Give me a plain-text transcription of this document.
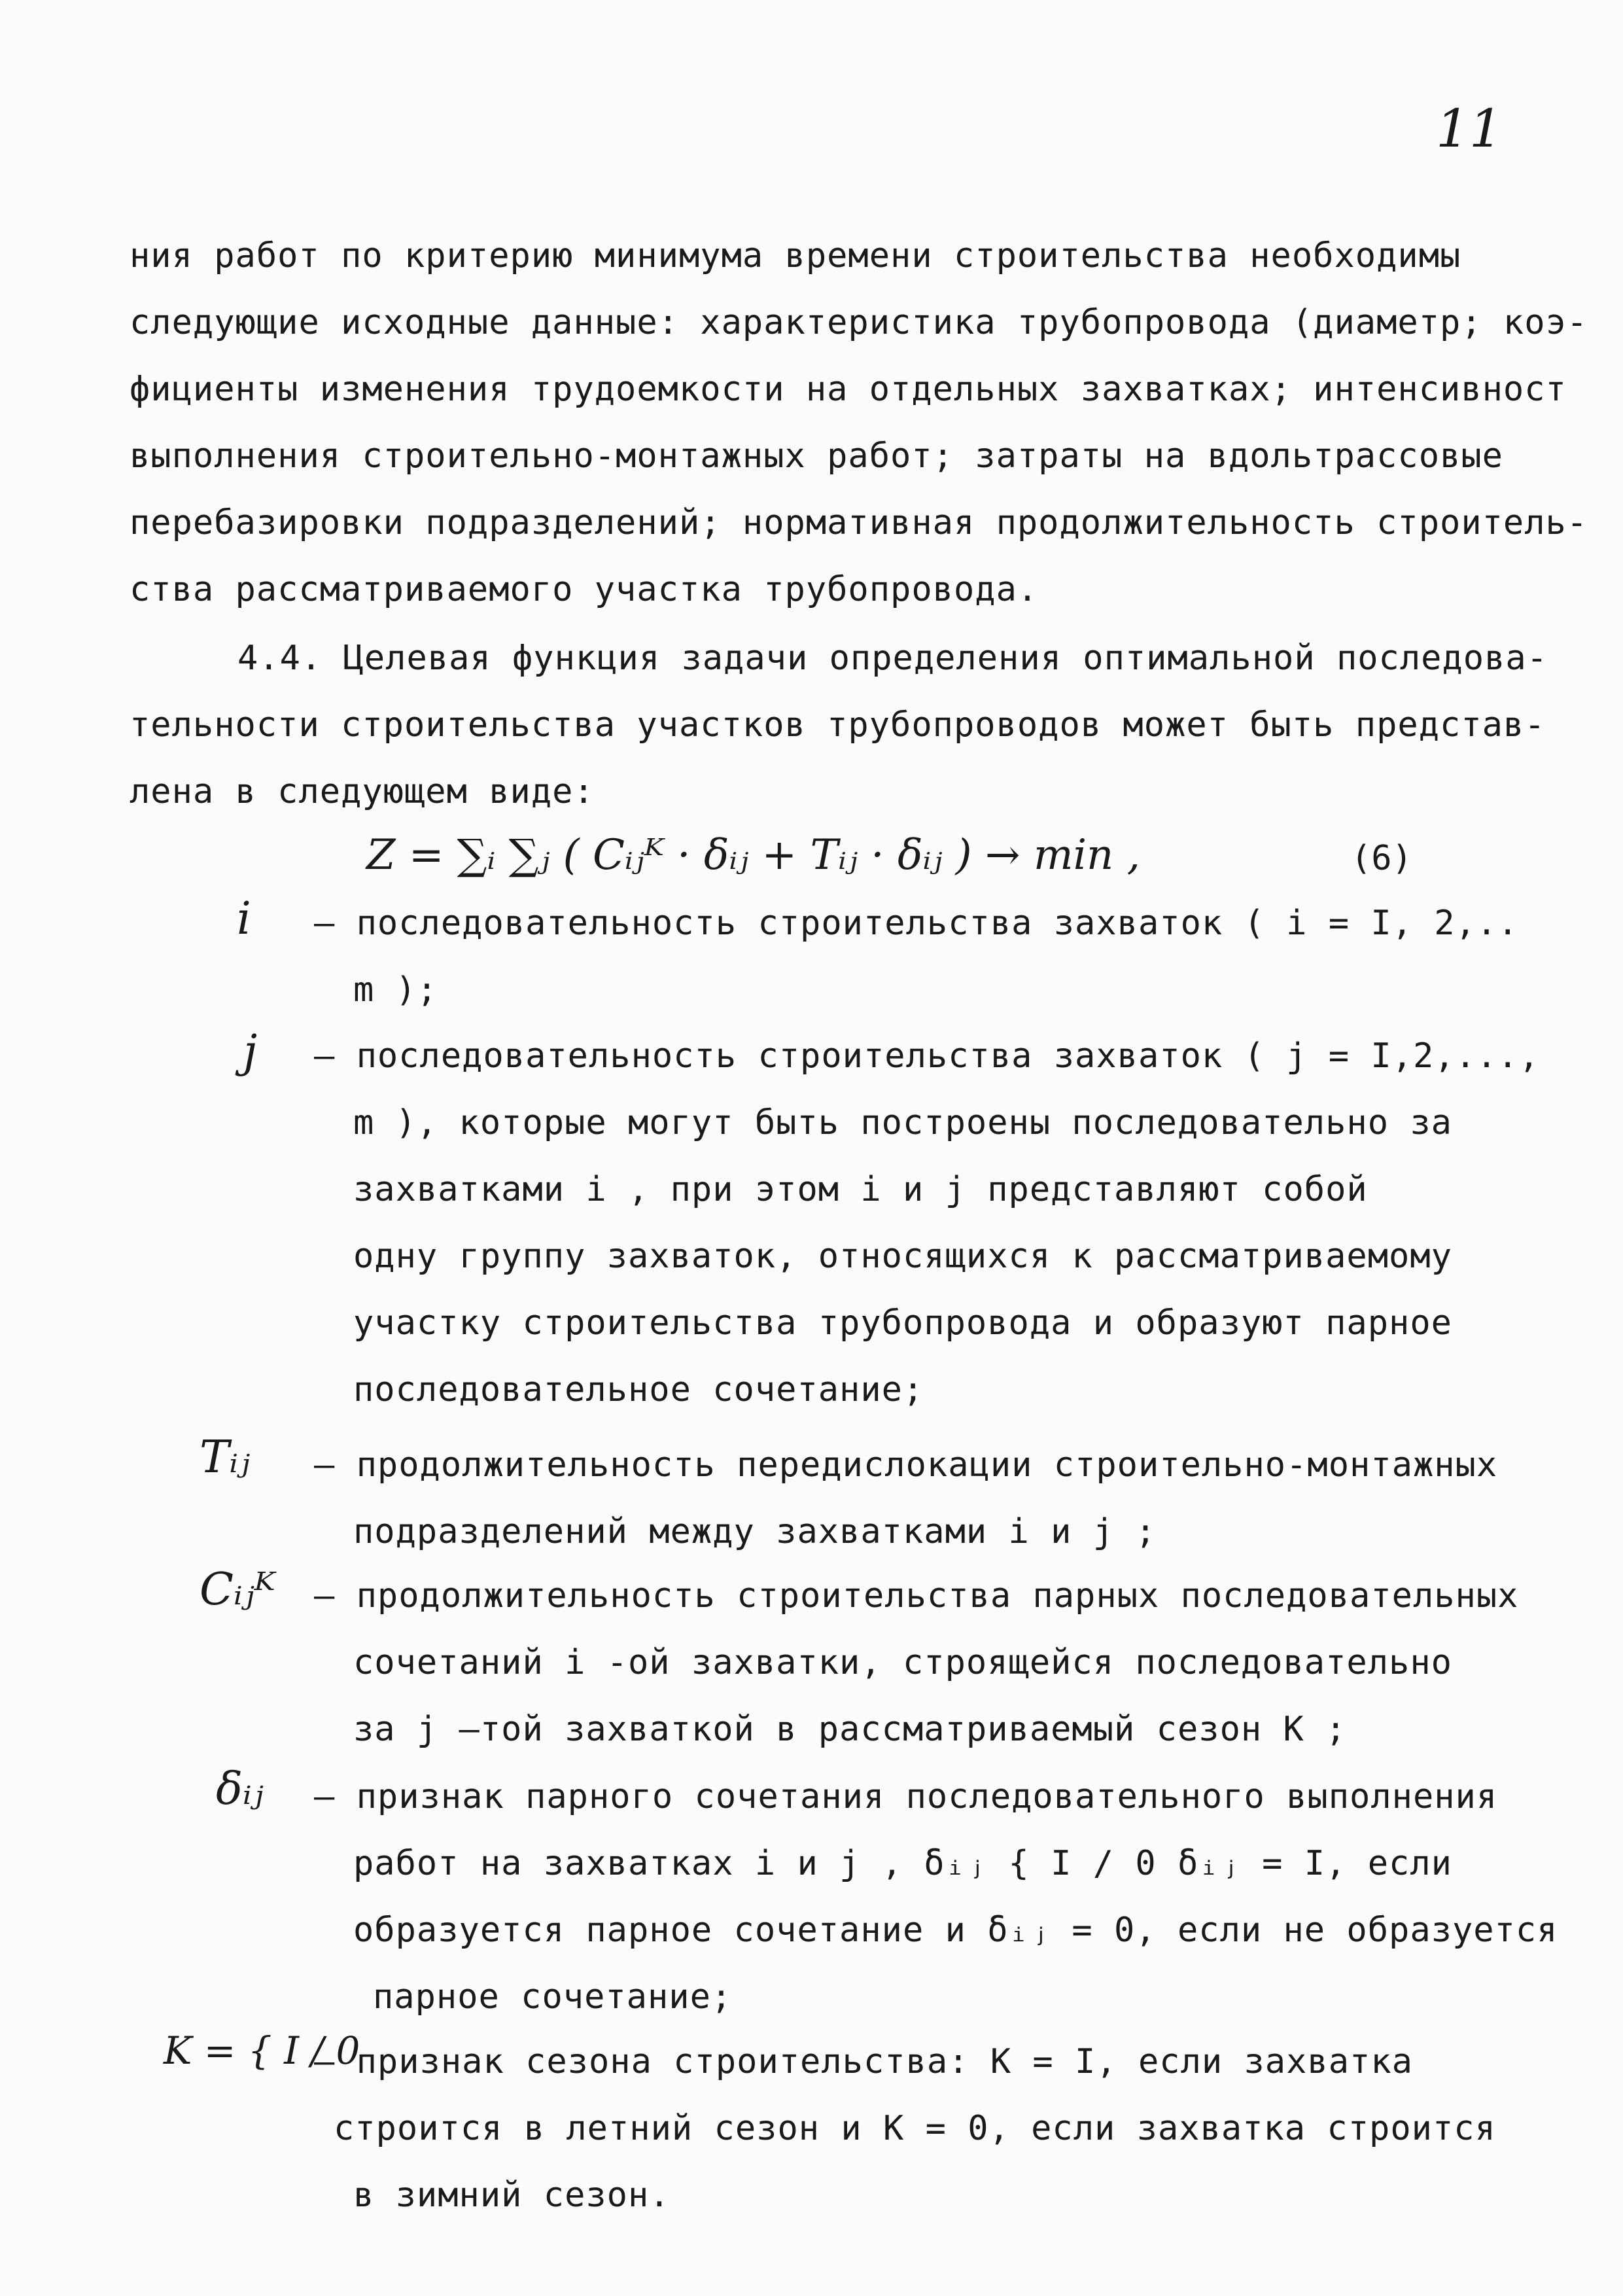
11

ния работ по критерию минимума времени строительства необходимы

следующие исходные данные: характеристика трубопровода (диаметр; коэ-

фициенты изменения трудоемкости на отдельных захватках; интенсивност

выполнения строительно-монтажных работ; затраты на вдольтрассовые

перебазировки подразделений; нормативная продолжительность строитель-

ства рассматриваемого участка трубопровода.

4.4. Целевая функция задачи определения оптимальной последова-

тельности строительства участков трубопроводов может быть представ-

лена в следующем виде:

Z = ∑ᵢ ∑ⱼ ( Cᵢⱼᴷ · δᵢⱼ + Tᵢⱼ · δᵢⱼ ) → min ,	(6)
i – последовательность строительства захваток ( i = I, 2,..

m );

j – последовательность строительства захваток ( j = I,2,...,

m ), которые могут быть построены последовательно за

захватками i , при этом i и j представляют собой

одну группу захваток, относящихся к рассматриваемому

участку строительства трубопровода и образуют парное

последовательное сочетание;

Tᵢⱼ – продолжительность передислокации строительно-монтажных

подразделений между захватками i и j ;

Cᵢⱼᴷ – продолжительность строительства парных последовательных

сочетаний i -ой захватки, строящейся последовательно

за j –той захваткой в рассматриваемый сезон K ;

δᵢⱼ – признак парного сочетания последовательного выполнения

работ на захватках i и j , δᵢⱼ { I / 0 δᵢⱼ = I, если

образуется парное сочетание и δᵢⱼ = 0, если не образуется

парное сочетание;

K = { I / 0

– признак сезона строительства: K = I, если захватка

строится в летний сезон и K = 0, если захватка строится

в зимний сезон.
